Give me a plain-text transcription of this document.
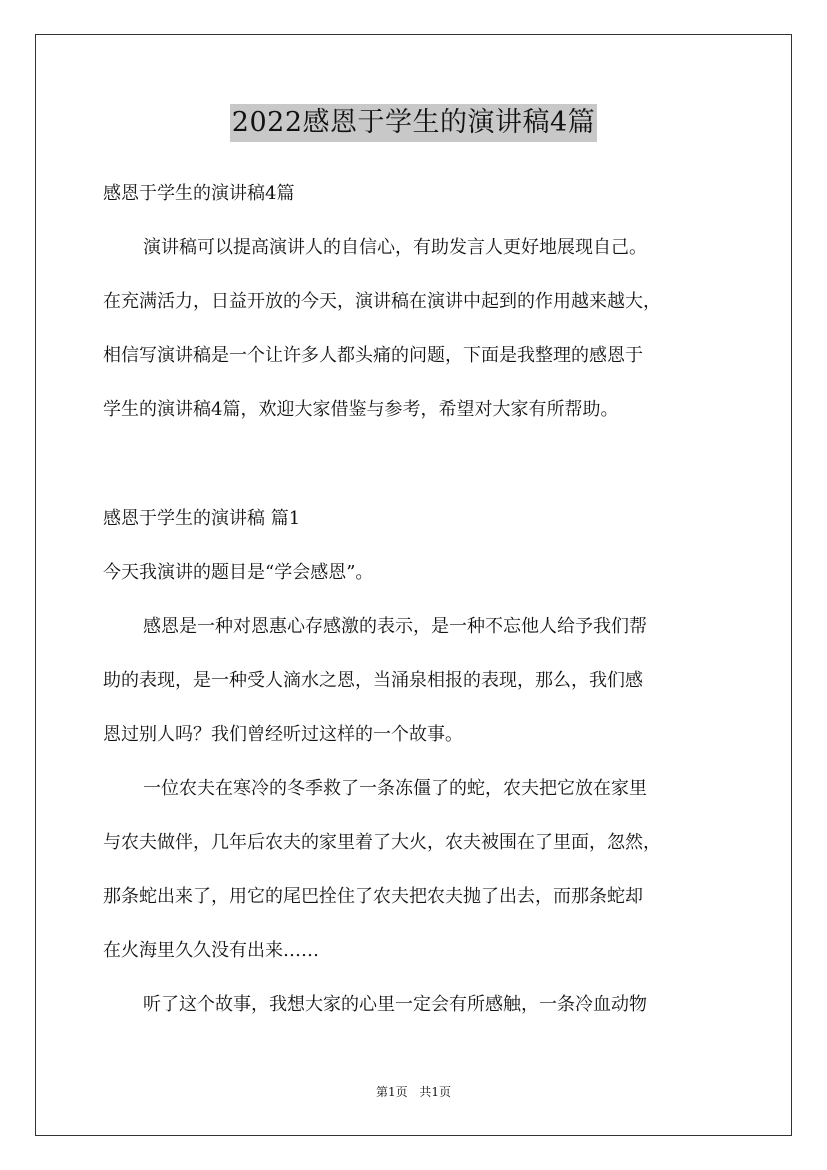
2022感恩于学生的演讲稿4篇
感恩于学生的演讲稿4篇
演讲稿可以提高演讲人的自信心，有助发言人更好地展现自己。
在充满活力，日益开放的今天，演讲稿在演讲中起到的作用越来越大，
相信写演讲稿是一个让许多人都头痛的问题，下面是我整理的感恩于
学生的演讲稿4篇，欢迎大家借鉴与参考，希望对大家有所帮助。
感恩于学生的演讲稿 篇1
今天我演讲的题目是“学会感恩”。
感恩是一种对恩惠心存感激的表示，是一种不忘他人给予我们帮
助的表现，是一种受人滴水之恩，当涌泉相报的表现，那么，我们感
恩过别人吗？我们曾经听过这样的一个故事。
一位农夫在寒冷的冬季救了一条冻僵了的蛇，农夫把它放在家里
与农夫做伴，几年后农夫的家里着了大火，农夫被围在了里面，忽然，
那条蛇出来了，用它的尾巴拴住了农夫把农夫抛了出去，而那条蛇却
在火海里久久没有出来……
听了这个故事，我想大家的心里一定会有所感触，一条冷血动物
第1页 共1页
